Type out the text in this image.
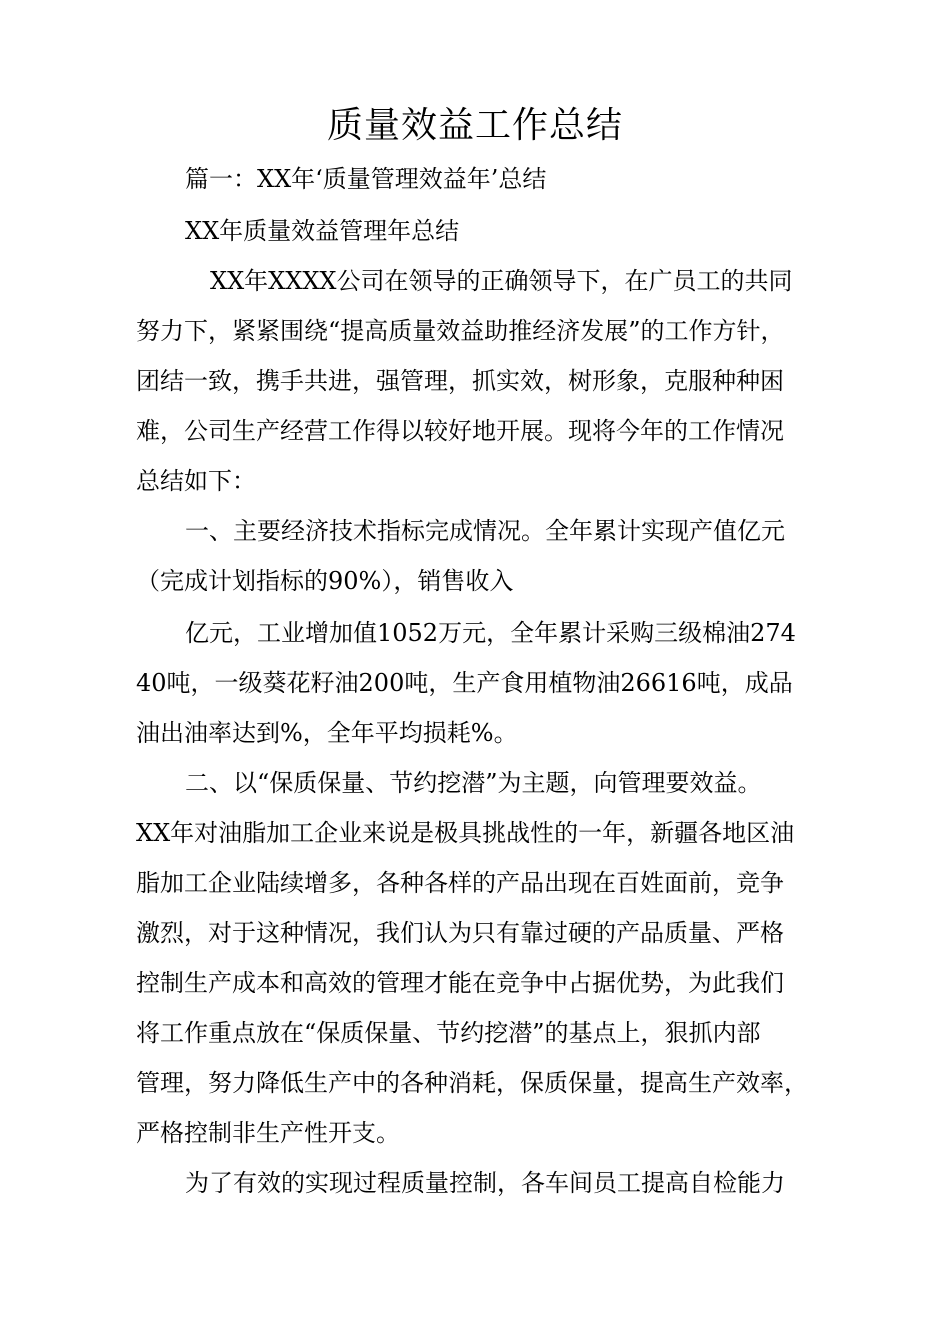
质量效益工作总结
篇一：XX年‘质量管理效益年’总结
XX年质量效益管理年总结
XX年XXXX公司在领导的正确领导下，在广员工的共同
努力下，紧紧围绕“提高质量效益助推经济发展”的工作方针，
团结一致，携手共进，强管理，抓实效，树形象，克服种种困
难，公司生产经营工作得以较好地开展。现将今年的工作情况
总结如下：
一、主要经济技术指标完成情况。全年累计实现产值亿元
（完成计划指标的90%），销售收入
亿元，工业增加值1052万元，全年累计采购三级棉油274
40吨，一级葵花籽油200吨，生产食用植物油26616吨，成品
油出油率达到%，全年平均损耗%。
二、以“保质保量、节约挖潜”为主题，向管理要效益。
XX年对油脂加工企业来说是极具挑战性的一年，新疆各地区油
脂加工企业陆续增多，各种各样的产品出现在百姓面前，竞争
激烈，对于这种情况，我们认为只有靠过硬的产品质量、严格
控制生产成本和高效的管理才能在竞争中占据优势，为此我们
将工作重点放在“保质保量、节约挖潜”的基点上，狠抓内部
管理，努力降低生产中的各种消耗，保质保量，提高生产效率，
严格控制非生产性开支。
为了有效的实现过程质量控制，各车间员工提高自检能力
